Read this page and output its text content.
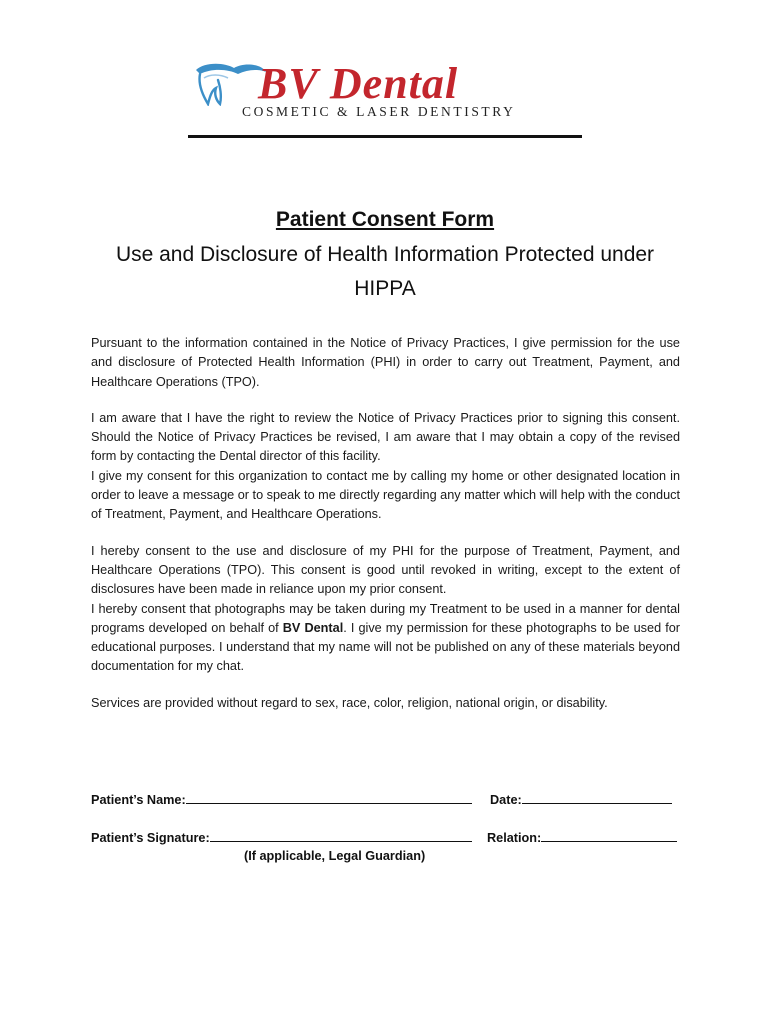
BV Dental
COSMETIC & LASER DENTISTRY
Patient Consent Form
Use and Disclosure of Health Information Protected under HIPPA

Pursuant to the information contained in the Notice of Privacy Practices, I give permission for the use and disclosure of Protected Health Information (PHI) in order to carry out Treatment, Payment, and Healthcare Operations (TPO).

I am aware that I have the right to review the Notice of Privacy Practices prior to signing this consent. Should the Notice of Privacy Practices be revised, I am aware that I may obtain a copy of the revised form by contacting the Dental director of this facility.

I give my consent for this organization to contact me by calling my home or other designated location in order to leave a message or to speak to me directly regarding any matter which will help with the conduct of Treatment, Payment, and Healthcare Operations.

I hereby consent to the use and disclosure of my PHI for the purpose of Treatment, Payment, and Healthcare Operations (TPO). This consent is good until revoked in writing, except to the extent of disclosures have been made in reliance upon my prior consent.

I hereby consent that photographs may be taken during my Treatment to be used in a manner for dental programs developed on behalf of BV Dental. I give my permission for these photographs to be used for educational purposes. I understand that my name will not be published on any of these materials beyond documentation for my chat.

Services are provided without regard to sex, race, color, religion, national origin, or disability.

Patient’s Name:	Date:
Patient’s Signature:	Relation:
(If applicable, Legal Guardian)
